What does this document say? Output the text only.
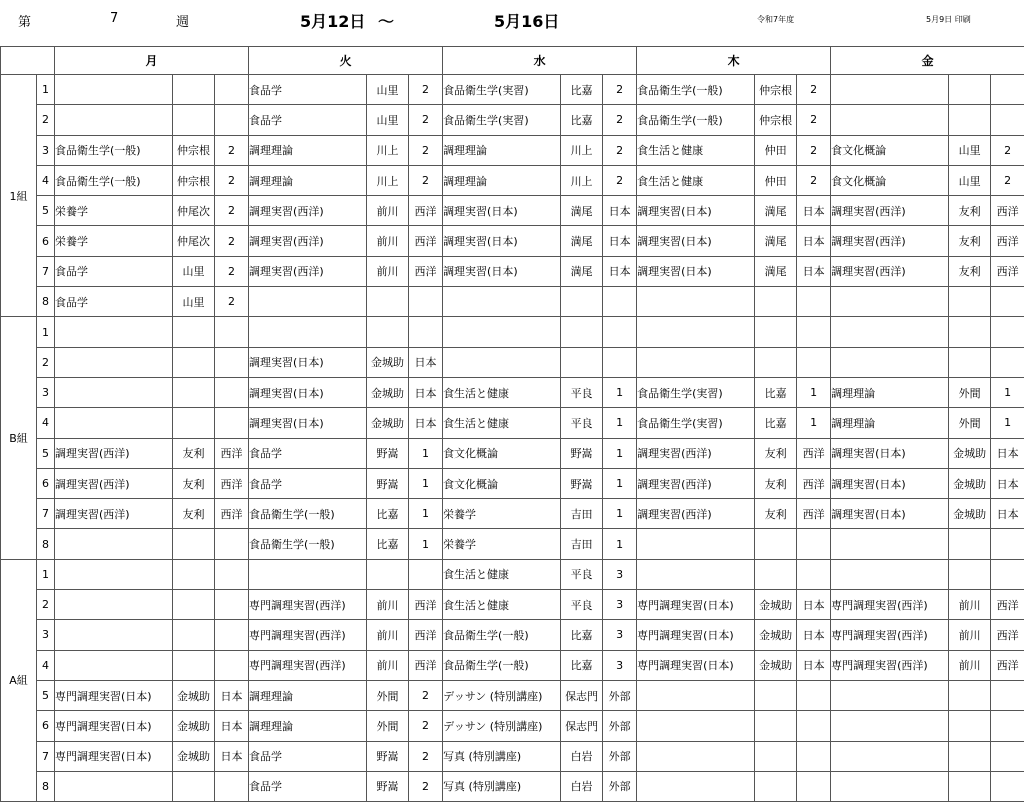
第	7	週	5月12日 ～	5月16日	令和7年度	5月9日 印刷
		月			火			水			木			金		
1組	1				食品学	山里	2	食品衛生学(実習)	比嘉	2	食品衛生学(一般)	仲宗根	2			
	2				食品学	山里	2	食品衛生学(実習)	比嘉	2	食品衛生学(一般)	仲宗根	2			
	3	食品衛生学(一般)	仲宗根	2	調理理論	川上	2	調理理論	川上	2	食生活と健康	仲田	2	食文化概論	山里	2
	4	食品衛生学(一般)	仲宗根	2	調理理論	川上	2	調理理論	川上	2	食生活と健康	仲田	2	食文化概論	山里	2
	5	栄養学	仲尾次	2	調理実習(西洋)	前川	西洋	調理実習(日本)	満尾	日本	調理実習(日本)	満尾	日本	調理実習(西洋)	友利	西洋
	6	栄養学	仲尾次	2	調理実習(西洋)	前川	西洋	調理実習(日本)	満尾	日本	調理実習(日本)	満尾	日本	調理実習(西洋)	友利	西洋
	7	食品学	山里	2	調理実習(西洋)	前川	西洋	調理実習(日本)	満尾	日本	調理実習(日本)	満尾	日本	調理実習(西洋)	友利	西洋
	8	食品学	山里	2												
B組	1															
	2				調理実習(日本)	金城助	日本									
	3				調理実習(日本)	金城助	日本	食生活と健康	平良	1	食品衛生学(実習)	比嘉	1	調理理論	外間	1
	4				調理実習(日本)	金城助	日本	食生活と健康	平良	1	食品衛生学(実習)	比嘉	1	調理理論	外間	1
	5	調理実習(西洋)	友利	西洋	食品学	野嵩	1	食文化概論	野嵩	1	調理実習(西洋)	友利	西洋	調理実習(日本)	金城助	日本
	6	調理実習(西洋)	友利	西洋	食品学	野嵩	1	食文化概論	野嵩	1	調理実習(西洋)	友利	西洋	調理実習(日本)	金城助	日本
	7	調理実習(西洋)	友利	西洋	食品衛生学(一般)	比嘉	1	栄養学	吉田	1	調理実習(西洋)	友利	西洋	調理実習(日本)	金城助	日本
	8				食品衛生学(一般)	比嘉	1	栄養学	吉田	1						
A組	1							食生活と健康	平良	3						
	2				専門調理実習(西洋)	前川	西洋	食生活と健康	平良	3	専門調理実習(日本)	金城助	日本	専門調理実習(西洋)	前川	西洋
	3				専門調理実習(西洋)	前川	西洋	食品衛生学(一般)	比嘉	3	専門調理実習(日本)	金城助	日本	専門調理実習(西洋)	前川	西洋
	4				専門調理実習(西洋)	前川	西洋	食品衛生学(一般)	比嘉	3	専門調理実習(日本)	金城助	日本	専門調理実習(西洋)	前川	西洋
	5	専門調理実習(日本)	金城助	日本	調理理論	外間	2	デッサン (特別講座)	保志門	外部						
	6	専門調理実習(日本)	金城助	日本	調理理論	外間	2	デッサン (特別講座)	保志門	外部						
	7	専門調理実習(日本)	金城助	日本	食品学	野嵩	2	写真 (特別講座)	白岩	外部						
	8				食品学	野嵩	2	写真 (特別講座)	白岩	外部						
